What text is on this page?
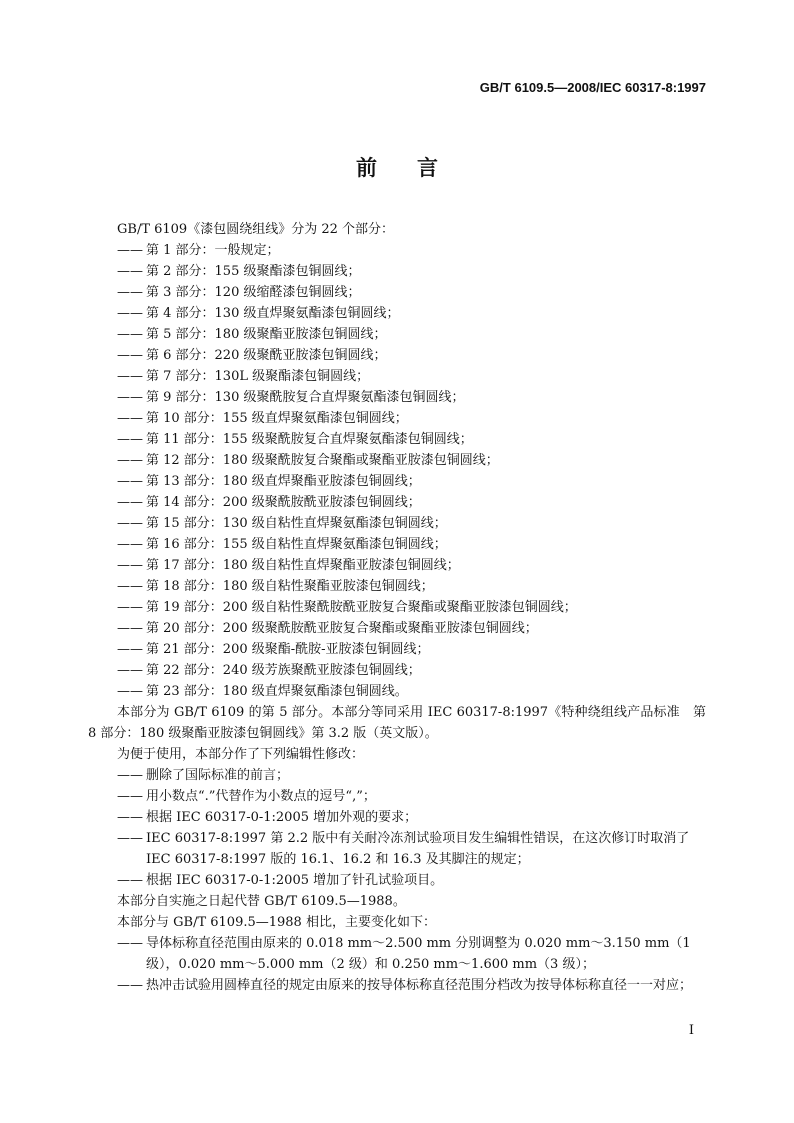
GB/T 6109.5—2008/IEC 60317-8:1997
前 言

GB/T 6109《漆包圆绕组线》分为 22 个部分：

—— 第 1 部分：一般规定；

—— 第 2 部分：155 级聚酯漆包铜圆线；

—— 第 3 部分：120 级缩醛漆包铜圆线；

—— 第 4 部分：130 级直焊聚氨酯漆包铜圆线；

—— 第 5 部分：180 级聚酯亚胺漆包铜圆线；

—— 第 6 部分：220 级聚酰亚胺漆包铜圆线；

—— 第 7 部分：130L 级聚酯漆包铜圆线；

—— 第 9 部分：130 级聚酰胺复合直焊聚氨酯漆包铜圆线；

—— 第 10 部分：155 级直焊聚氨酯漆包铜圆线；

—— 第 11 部分：155 级聚酰胺复合直焊聚氨酯漆包铜圆线；

—— 第 12 部分：180 级聚酰胺复合聚酯或聚酯亚胺漆包铜圆线；

—— 第 13 部分：180 级直焊聚酯亚胺漆包铜圆线；

—— 第 14 部分：200 级聚酰胺酰亚胺漆包铜圆线；

—— 第 15 部分：130 级自粘性直焊聚氨酯漆包铜圆线；

—— 第 16 部分：155 级自粘性直焊聚氨酯漆包铜圆线；

—— 第 17 部分：180 级自粘性直焊聚酯亚胺漆包铜圆线；

—— 第 18 部分：180 级自粘性聚酯亚胺漆包铜圆线；

—— 第 19 部分：200 级自粘性聚酰胺酰亚胺复合聚酯或聚酯亚胺漆包铜圆线；

—— 第 20 部分：200 级聚酰胺酰亚胺复合聚酯或聚酯亚胺漆包铜圆线；

—— 第 21 部分：200 级聚酯-酰胺-亚胺漆包铜圆线；

—— 第 22 部分：240 级芳族聚酰亚胺漆包铜圆线；

—— 第 23 部分：180 级直焊聚氨酯漆包铜圆线。

本部分为 GB/T 6109 的第 5 部分。本部分等同采用 IEC 60317-8:1997《特种绕组线产品标准　第 8 部分：180 级聚酯亚胺漆包铜圆线》第 3.2 版（英文版）。

为便于使用，本部分作了下列编辑性修改：

—— 删除了国际标准的前言；

—— 用小数点“.”代替作为小数点的逗号“,”；

—— 根据 IEC 60317-0-1:2005 增加外观的要求；

—— IEC 60317-8:1997 第 2.2 版中有关耐冷冻剂试验项目发生编辑性错误，在这次修订时取消了 IEC 60317-8:1997 版的 16.1、16.2 和 16.3 及其脚注的规定；

—— 根据 IEC 60317-0-1:2005 增加了针孔试验项目。

本部分自实施之日起代替 GB/T 6109.5—1988。

本部分与 GB/T 6109.5—1988 相比，主要变化如下：

—— 导体标称直径范围由原来的 0.018 mm～2.500 mm 分别调整为 0.020 mm～3.150 mm（1 级），0.020 mm～5.000 mm（2 级）和 0.250 mm～1.600 mm（3 级）；

—— 热冲击试验用圆棒直径的规定由原来的按导体标称直径范围分档改为按导体标称直径一一对应；

I
